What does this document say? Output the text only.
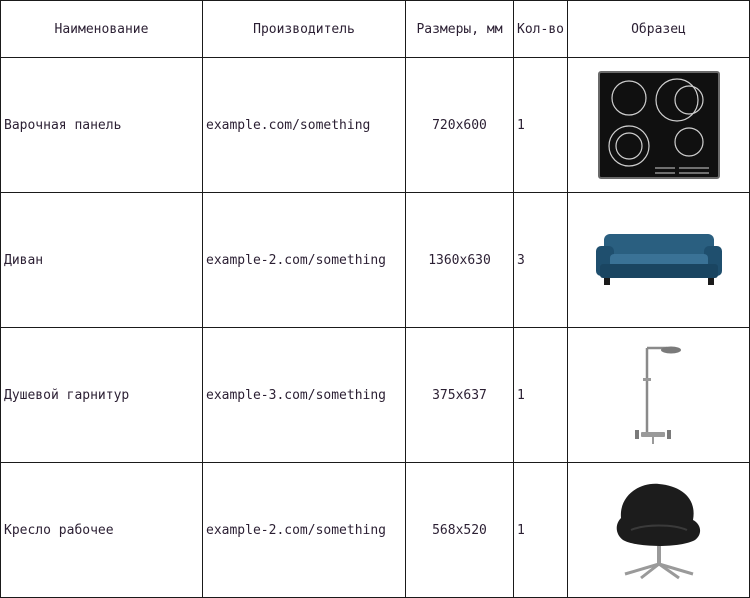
Наименование	Производитель	Размеры, мм	Кол-во	Образец
Варочная панель	example.com/something	720x600	1	

Диван	example-2.com/something	1360x630	3	

Душевой гарнитур	example-3.com/something	375x637	1	

Кресло рабочее	example-2.com/something	568x520	1	
